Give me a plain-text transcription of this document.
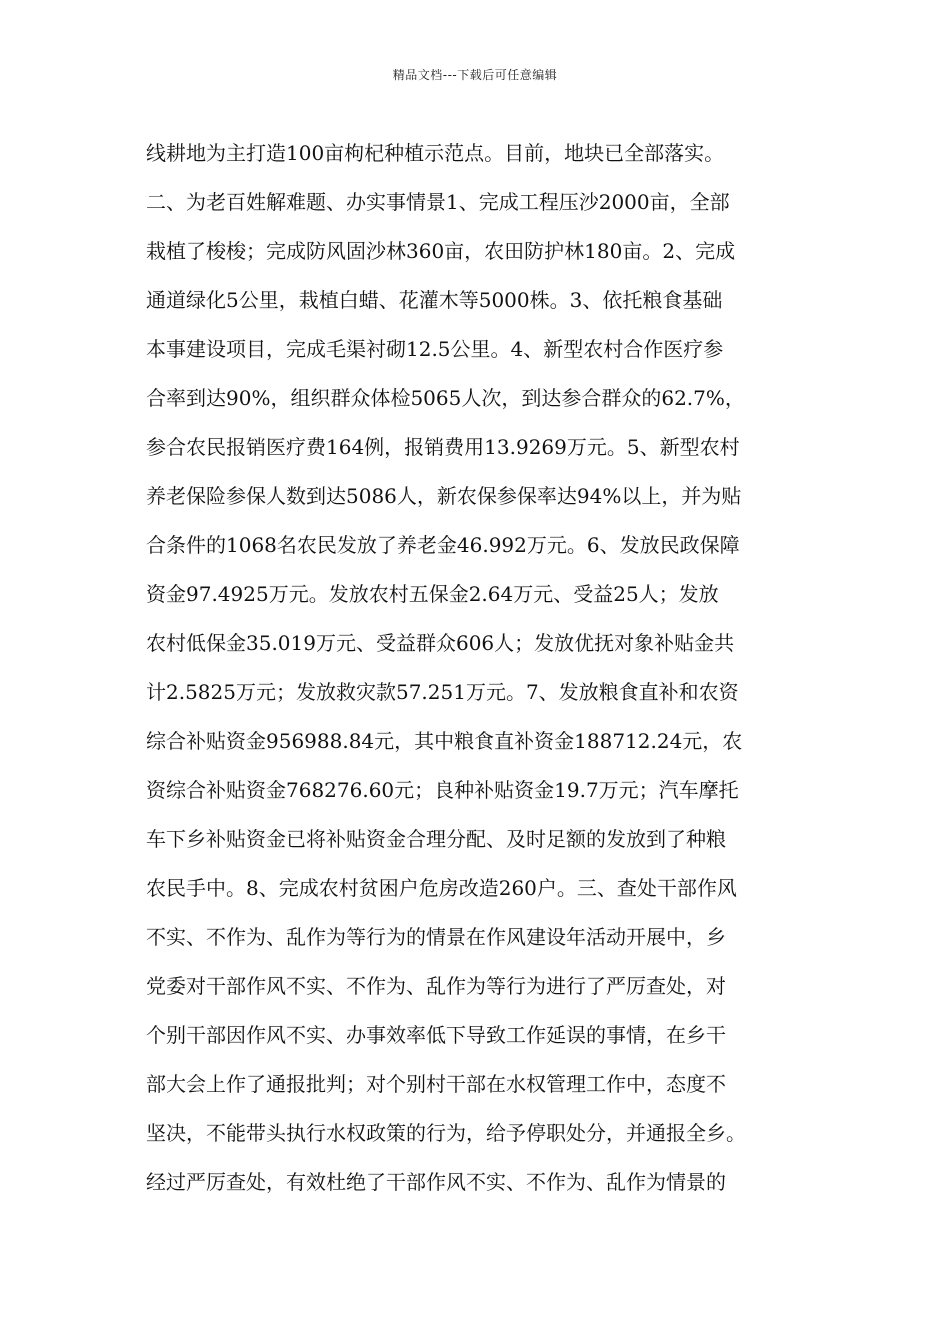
精品文档---下载后可任意编辑
线耕地为主打造100亩枸杞种植示范点。目前，地块已全部落实。
二、为老百姓解难题、办实事情景1、完成工程压沙2000亩，全部
栽植了梭梭；完成防风固沙林360亩，农田防护林180亩。2、完成
通道绿化5公里，栽植白蜡、花灌木等5000株。3、依托粮食基础
本事建设项目，完成毛渠衬砌12.5公里。4、新型农村合作医疗参
合率到达90%，组织群众体检5065人次，到达参合群众的62.7%，
参合农民报销医疗费164例，报销费用13.9269万元。5、新型农村
养老保险参保人数到达5086人，新农保参保率达94%以上，并为贴
合条件的1068名农民发放了养老金46.992万元。6、发放民政保障
资金97.4925万元。发放农村五保金2.64万元、受益25人；发放
农村低保金35.019万元、受益群众606人；发放优抚对象补贴金共
计2.5825万元；发放救灾款57.251万元。7、发放粮食直补和农资
综合补贴资金956988.84元，其中粮食直补资金188712.24元，农
资综合补贴资金768276.60元；良种补贴资金19.7万元；汽车摩托
车下乡补贴资金已将补贴资金合理分配、及时足额的发放到了种粮
农民手中。8、完成农村贫困户危房改造260户。三、查处干部作风
不实、不作为、乱作为等行为的情景在作风建设年活动开展中，乡
党委对干部作风不实、不作为、乱作为等行为进行了严厉查处，对
个别干部因作风不实、办事效率低下导致工作延误的事情，在乡干
部大会上作了通报批判；对个别村干部在水权管理工作中，态度不
坚决，不能带头执行水权政策的行为，给予停职处分，并通报全乡。
经过严厉查处，有效杜绝了干部作风不实、不作为、乱作为情景的
